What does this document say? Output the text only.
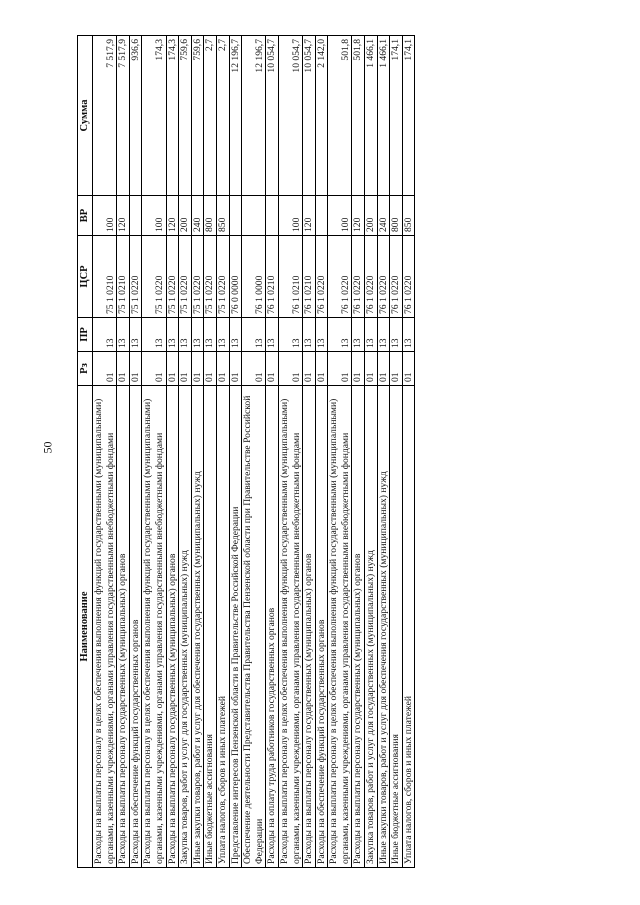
50
Наименование	Рз	ПР	ЦСР	ВР	Сумма
Расходы на выплаты персоналу в целях обеспечения выполнения функций государственными (муниципальными) органами, казенными учреждениями, органами управления государственными внебюджетными фондами	01	13	75 1 0210	100	7 517,9
Расходы на выплаты персоналу государственных (муниципальных) органов	01	13	75 1 0210	120	7 517,9
Расходы на обеспечение функций государственных органов	01	13	75 1 0220		936,6
Расходы на выплаты персоналу в целях обеспечения выполнения функций государственными (муниципальными) органами, казенными учреждениями, органами управления государственными внебюджетными фондами	01	13	75 1 0220	100	174,3
Расходы на выплаты персоналу государственных (муниципальных) органов	01	13	75 1 0220	120	174,3
Закупка товаров, работ и услуг для государственных (муниципальных) нужд	01	13	75 1 0220	200	759,6
Иные закупки товаров, работ и услуг для обеспечения государственных (муниципальных) нужд	01	13	75 1 0220	240	759,6
Иные бюджетные ассигнования	01	13	75 1 0220	800	2,7
Уплата налогов, сборов и иных платежей	01	13	75 1 0220	850	2,7
Представление интересов Пензенской области в Правительстве Российской Федерации	01	13	76 0 0000		12 196,7
Обеспечение деятельности Представительства Правительства Пензенской области при Правительстве Российской Федерации	01	13	76 1 0000		12 196,7
Расходы на оплату труда работников государственных органов	01	13	76 1 0210		10 054,7
Расходы на выплаты персоналу в целях обеспечения выполнения функций государственными (муниципальными) органами, казенными учреждениями, органами управления государственными внебюджетными фондами	01	13	76 1 0210	100	10 054,7
Расходы на выплаты персоналу государственных (муниципальных) органов	01	13	76 1 0210	120	10 054,7
Расходы на обеспечение функций государственных органов	01	13	76 1 0220		2 142,0
Расходы на выплаты персоналу в целях обеспечения выполнения функций государственными (муниципальными) органами, казенными учреждениями, органами управления государственными внебюджетными фондами	01	13	76 1 0220	100	501,8
Расходы на выплаты персоналу государственных (муниципальных) органов	01	13	76 1 0220	120	501,8
Закупка товаров, работ и услуг для государственных (муниципальных) нужд	01	13	76 1 0220	200	1 466,1
Иные закупки товаров, работ и услуг для обеспечения государственных (муниципальных) нужд	01	13	76 1 0220	240	1 466,1
Иные бюджетные ассигнования	01	13	76 1 0220	800	174,1
Уплата налогов, сборов и иных платежей	01	13	76 1 0220	850	174,1
